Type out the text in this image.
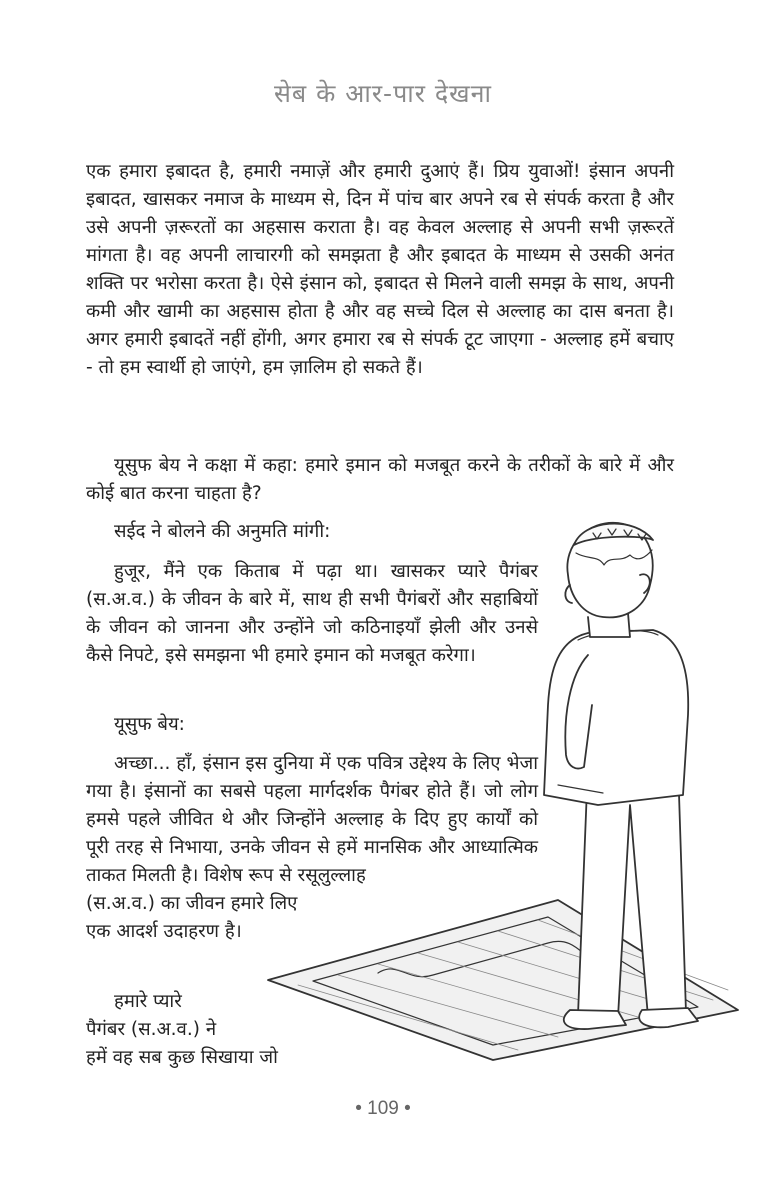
सेब के आर-पार देखना

एक हमारा इबादत है, हमारी नमाज़ें और हमारी दुआएं हैं। प्रिय युवाओं! इंसान अपनी इबादत, खासकर नमाज के माध्यम से, दिन में पांच बार अपने रब से संपर्क करता है और उसे अपनी ज़रूरतों का अहसास कराता है। वह केवल अल्लाह से अपनी सभी ज़रूरतें मांगता है। वह अपनी लाचारगी को समझता है और इबादत के माध्यम से उसकी अनंत शक्ति पर भरोसा करता है। ऐसे इंसान को, इबादत से मिलने वाली समझ के साथ, अपनी कमी और खामी का अहसास होता है और वह सच्चे दिल से अल्लाह का दास बनता है। अगर हमारी इबादतें नहीं होंगी, अगर हमारा रब से संपर्क टूट जाएगा - अल्लाह हमें बचाए - तो हम स्वार्थी हो जाएंगे, हम ज़ालिम हो सकते हैं।

यूसुफ बेय ने कक्षा में कहा: हमारे इमान को मजबूत करने के तरीकों के बारे में और कोई बात करना चाहता है?

सईद ने बोलने की अनुमति मांगी:

हुजूर, मैंने एक किताब में पढ़ा था। खासकर प्यारे पैगंबर (स.अ.व.) के जीवन के बारे में, साथ ही सभी पैगंबरों और सहाबियों के जीवन को जानना और उन्होंने जो कठिनाइयाँ झेली और उनसे कैसे निपटे, इसे समझना भी हमारे इमान को मजबूत करेगा।

यूसुफ बेय:

अच्छा... हाँ, इंसान इस दुनिया में एक पवित्र उद्देश्य के लिए भेजा गया है। इंसानों का सबसे पहला मार्गदर्शक पैगंबर होते हैं। जो लोग हमसे पहले जीवित थे और जिन्होंने अल्लाह के दिए हुए कार्यों को पूरी तरह से निभाया, उनके जीवन से हमें मानसिक और आध्यात्मिक ताकत मिलती है। विशेष रूप से रसूलुल्लाह
(स.अ.व.) का जीवन हमारे लिए
एक आदर्श उदाहरण है।
हमारे प्यारे
पैगंबर (स.अ.व.) ने
हमें वह सब कुछ सिखाया जो
• 109 •
